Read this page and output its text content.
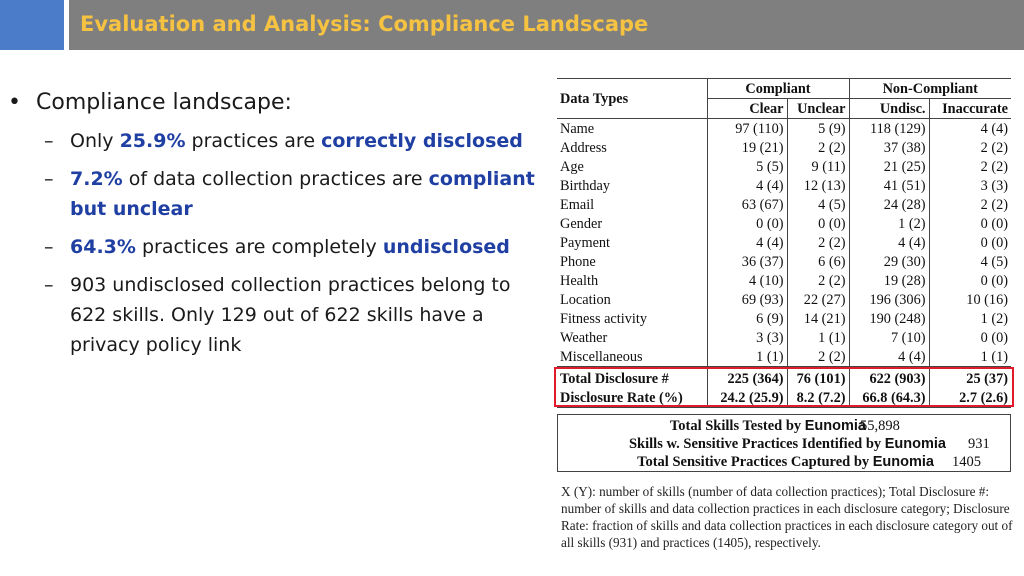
Evaluation and Analysis: Compliance Landscape
• Compliance landscape:
– Only 25.9% practices are correctly disclosed
– 7.2% of data collection practices are compliant but unclear
– 64.3% practices are completely undisclosed
– 903 undisclosed collection practices belong to 622 skills. Only 129 out of 622 skills have a privacy policy link
Data Types	Compliant		Non-Compliant	
	Clear	Unclear	Undisc.	Inaccurate
Name	97 (110)	5 (9)	118 (129)	4 (4)
Address	19 (21)	2 (2)	37 (38)	2 (2)
Age	5 (5)	9 (11)	21 (25)	2 (2)
Birthday	4 (4)	12 (13)	41 (51)	3 (3)
Email	63 (67)	4 (5)	24 (28)	2 (2)
Gender	0 (0)	0 (0)	1 (2)	0 (0)
Payment	4 (4)	2 (2)	4 (4)	0 (0)
Phone	36 (37)	6 (6)	29 (30)	4 (5)
Health	4 (10)	2 (2)	19 (28)	0 (0)
Location	69 (93)	22 (27)	196 (306)	10 (16)
Fitness activity	6 (9)	14 (21)	190 (248)	1 (2)
Weather	3 (3)	1 (1)	7 (10)	0 (0)
Miscellaneous	1 (1)	2 (2)	4 (4)	1 (1)
Total Disclosure #	225 (364)	76 (101)	622 (903)	25 (37)
Disclosure Rate (%)	24.2 (25.9)	8.2 (7.2)	66.8 (64.3)	2.7 (2.6)
Total Skills Tested by Eunomia
55,898
Skills w. Sensitive Practices Identified by Eunomia 931
Total Sensitive Practices Captured by Eunomia 1405
X (Y): number of skills (number of data collection practices); Total Disclosure #: number of skills and data collection practices in each disclosure category; Disclosure Rate: fraction of skills and data collection practices in each disclosure category out of all skills (931) and practices (1405), respectively.
